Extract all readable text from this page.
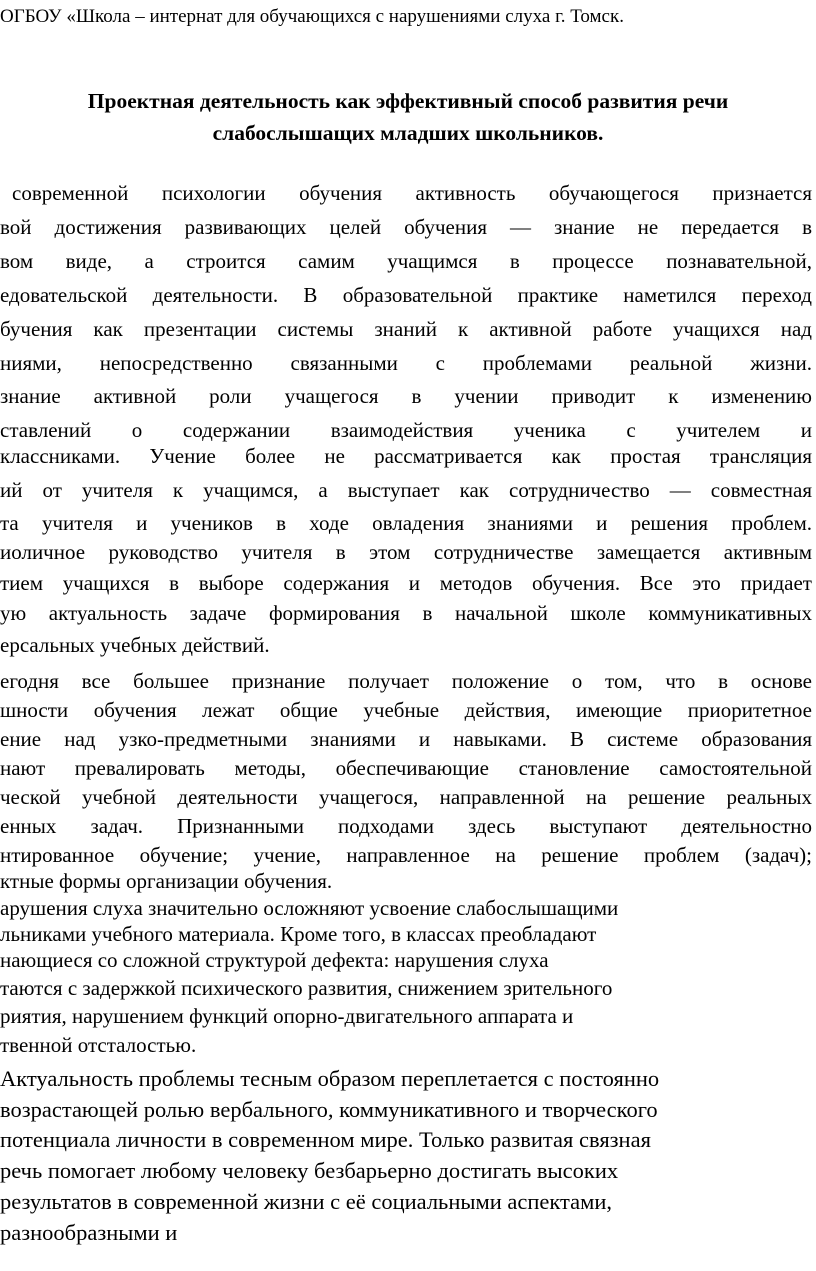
ОГБОУ «Школа – интернат для обучающихся с нарушениями слуха г. Томск.
Проектная деятельность как эффективный способ развития речи
слабослышащих младших школьников.
современной психологии обучения активность обучающегося признается
вой достижения развивающих целей обучения — знание не передается в
вом виде, а строится самим учащимся в процессе познавательной,
едовательской деятельности. В образовательной практике наметился переход
бучения как презентации системы знаний к активной работе учащихся над
ниями, непосредственно связанными с проблемами реальной жизни.
знание активной роли учащегося в учении приводит к изменению
ставлений о содержании взаимодействия ученика с учителем и
классниками. Учение более не рассматривается как простая трансляция
ий от учителя к учащимся, а выступает как сотрудничество — совместная
та учителя и учеников в ходе овладения знаниями и решения проблем.
иоличное руководство учителя в этом сотрудничестве замещается активным
тием учащихся в выборе содержания и методов обучения. Все это придает
ую актуальность задаче формирования в начальной школе коммуникативных
ерсальных учебных действий.
егодня все большее признание получает положение о том, что в основе
шности обучения лежат общие учебные действия, имеющие приоритетное
ение над узко-предметными знаниями и навыками. В системе образования
нают превалировать методы, обеспечивающие становление самостоятельной
ческой учебной деятельности учащегося, направленной на решение реальных
енных задач. Признанными подходами здесь выступают деятельностно
нтированное обучение; учение, направленное на решение проблем (задач);
ктные формы организации обучения.
арушения слуха значительно осложняют усвоение слабослышащими
льниками учебного материала. Кроме того, в классах преобладают
нающиеся со сложной структурой дефекта: нарушения слуха
таются с задержкой психического развития, снижением зрительного
риятия, нарушением функций опорно-двигательного аппарата и
твенной отсталостью.
Актуальность проблемы тесным образом переплетается с постоянно
возрастающей ролью вербального, коммуникативного и творческого
потенциала личности в современном мире. Только развитая связная
речь помогает любому человеку безбарьерно достигать высоких
результатов в современной жизни с её социальными аспектами,
разнообразными и
